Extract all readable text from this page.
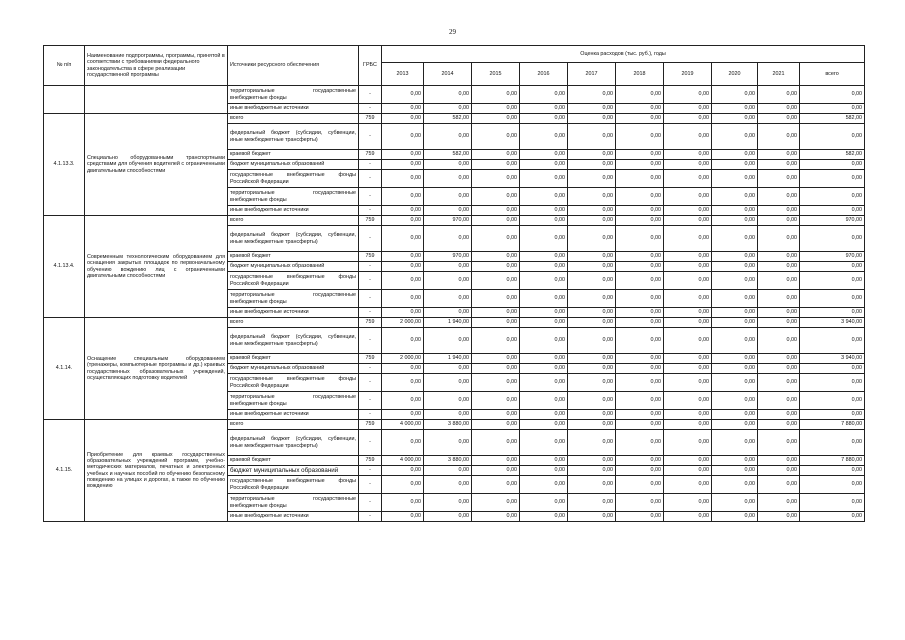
29
№ п/п	Наименование подпрограммы, программы, принятой в соответствии с требованиями федерального законодательства в сфере реализации государственной программы	Источники ресурсного обеспечения	ГРБС	Оценка расходов (тыс. руб.), годы									
				2013	2014	2015	2016	2017	2018	2019	2020	2021	всего
		территориальные государственные внебюджетные фонды	-	0,00	0,00	0,00	0,00	0,00	0,00	0,00	0,00	0,00	0,00
		иные внебюджетные источники	-	0,00	0,00	0,00	0,00	0,00	0,00	0,00	0,00	0,00	0,00
4.1.13.3.	Специально оборудованными транспортными средствами для обучения водителей с ограниченными двигательными способностями	всего	759	0,00	582,00	0,00	0,00	0,00	0,00	0,00	0,00	0,00	582,00
		федеральный бюджет (субсидии, субвенции, иные межбюджетные трансферты)	-	0,00	0,00	0,00	0,00	0,00	0,00	0,00	0,00	0,00	0,00
		краевой бюджет	759	0,00	582,00	0,00	0,00	0,00	0,00	0,00	0,00	0,00	582,00
		бюджет муниципальных образований	-	0,00	0,00	0,00	0,00	0,00	0,00	0,00	0,00	0,00	0,00
		государственные внебюджетные фонды Российской Федерации	-	0,00	0,00	0,00	0,00	0,00	0,00	0,00	0,00	0,00	0,00
		территориальные государственные внебюджетные фонды	-	0,00	0,00	0,00	0,00	0,00	0,00	0,00	0,00	0,00	0,00
		иные внебюджетные источники	-	0,00	0,00	0,00	0,00	0,00	0,00	0,00	0,00	0,00	0,00
4.1.13.4.	Современным технологическим оборудованием для оснащения закрытых площадок по первоначальному обучению вождению лиц с ограниченными двигательными способностями	всего	759	0,00	970,00	0,00	0,00	0,00	0,00	0,00	0,00	0,00	970,00
		федеральный бюджет (субсидии, субвенции, иные межбюджетные трансферты)	-	0,00	0,00	0,00	0,00	0,00	0,00	0,00	0,00	0,00	0,00
		краевой бюджет	759	0,00	970,00	0,00	0,00	0,00	0,00	0,00	0,00	0,00	970,00
		бюджет муниципальных образований	-	0,00	0,00	0,00	0,00	0,00	0,00	0,00	0,00	0,00	0,00
		государственные внебюджетные фонды Российской Федерации	-	0,00	0,00	0,00	0,00	0,00	0,00	0,00	0,00	0,00	0,00
		территориальные государственные внебюджетные фонды	-	0,00	0,00	0,00	0,00	0,00	0,00	0,00	0,00	0,00	0,00
		иные внебюджетные источники	-	0,00	0,00	0,00	0,00	0,00	0,00	0,00	0,00	0,00	0,00
4.1.14.	Оснащение специальным оборудованием (тренажеры, компьютерные программы и др.) краевых государственных образовательных учреждений, осуществляющих подготовку водителей	всего	759	2 000,00	1 940,00	0,00	0,00	0,00	0,00	0,00	0,00	0,00	3 940,00
		федеральный бюджет (субсидии, субвенции, иные межбюджетные трансферты)	-	0,00	0,00	0,00	0,00	0,00	0,00	0,00	0,00	0,00	0,00
		краевой бюджет	759	2 000,00	1 940,00	0,00	0,00	0,00	0,00	0,00	0,00	0,00	3 940,00
		бюджет муниципальных образований	-	0,00	0,00	0,00	0,00	0,00	0,00	0,00	0,00	0,00	0,00
		государственные внебюджетные фонды Российской Федерации	-	0,00	0,00	0,00	0,00	0,00	0,00	0,00	0,00	0,00	0,00
		территориальные государственные внебюджетные фонды	-	0,00	0,00	0,00	0,00	0,00	0,00	0,00	0,00	0,00	0,00
		иные внебюджетные источники	-	0,00	0,00	0,00	0,00	0,00	0,00	0,00	0,00	0,00	0,00
4.1.15.	Приобретение для краевых государственных образовательных учреждений программ, учебно-методических материалов, печатных и электронных учебных и научных пособий по обучению безопасному поведению на улицах и дорогах, а также по обучению вождению	всего	759	4 000,00	3 880,00	0,00	0,00	0,00	0,00	0,00	0,00	0,00	7 880,00
		федеральный бюджет (субсидии, субвенции, иные межбюджетные трансферты)	-	0,00	0,00	0,00	0,00	0,00	0,00	0,00	0,00	0,00	0,00
		краевой бюджет	759	4 000,00	3 880,00	0,00	0,00	0,00	0,00	0,00	0,00	0,00	7 880,00
		бюджет муниципальных образований	-	0,00	0,00	0,00	0,00	0,00	0,00	0,00	0,00	0,00	0,00
		государственные внебюджетные фонды Российской Федерации	-	0,00	0,00	0,00	0,00	0,00	0,00	0,00	0,00	0,00	0,00
		территориальные государственные внебюджетные фонды	-	0,00	0,00	0,00	0,00	0,00	0,00	0,00	0,00	0,00	0,00
		иные внебюджетные источники	-	0,00	0,00	0,00	0,00	0,00	0,00	0,00	0,00	0,00	0,00
